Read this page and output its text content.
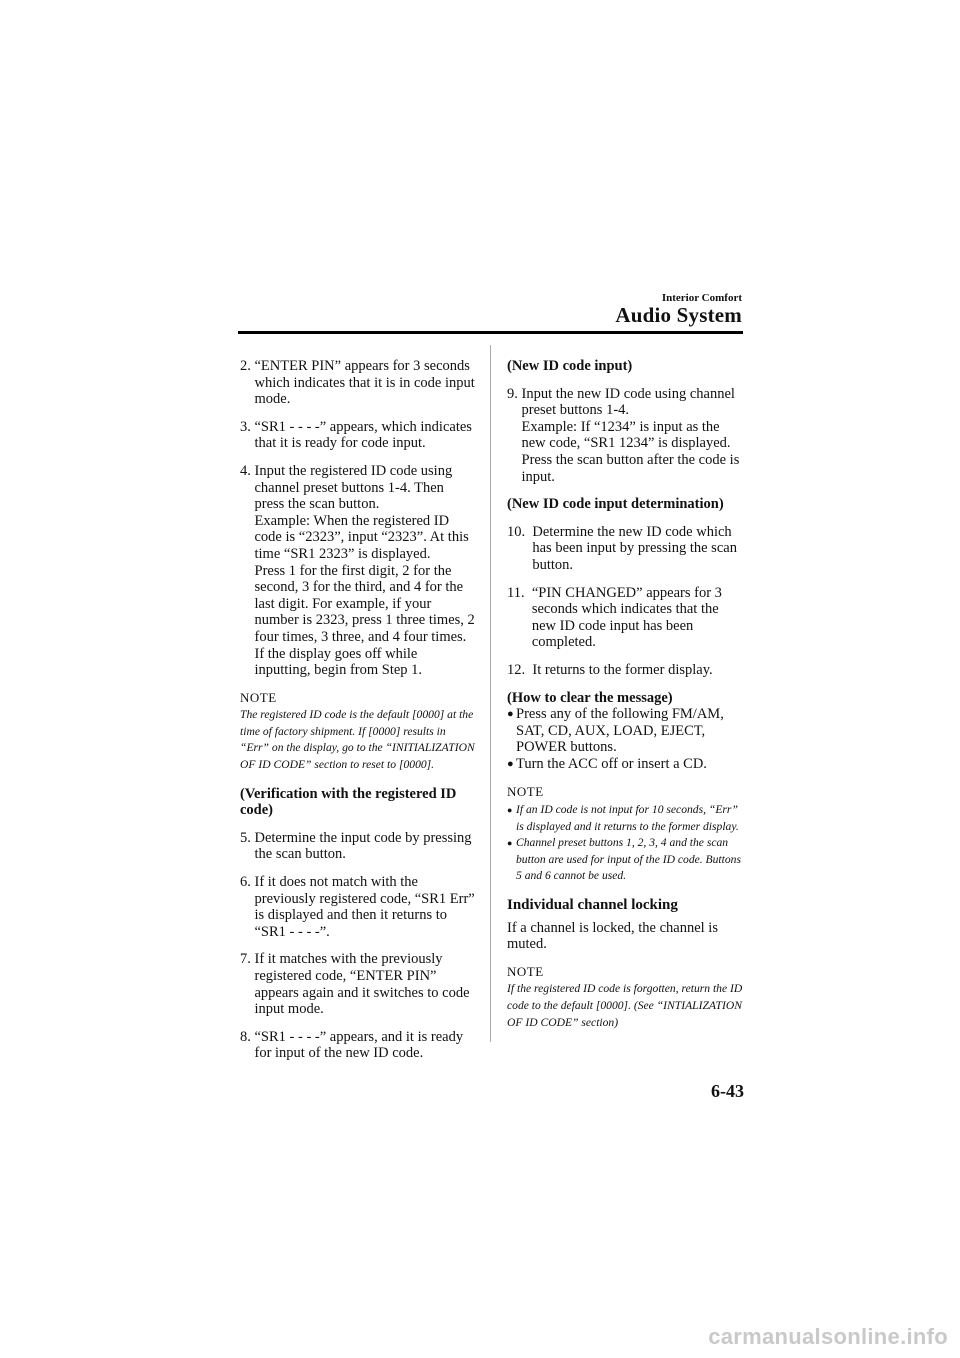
Interior Comfort
Audio System
2.
“ENTER PIN” appears for 3 seconds which indicates that it is in code input mode.
3.
“SR1 - - - -” appears, which indicates that it is ready for code input.
4.
Input the registered ID code using channel preset buttons 1-4. Then press the scan button.
Example: When the registered ID code is “2323”, input “2323”. At this time “SR1 2323” is displayed.
Press 1 for the first digit, 2 for the second, 3 for the third, and 4 for the last digit. For example, if your number is 2323, press 1 three times, 2 four times, 3 three, and 4 four times. If the display goes off while inputting, begin from Step 1.
NOTE
The registered ID code is the default [0000] at the time of factory shipment. If [0000] results in “Err” on the display, go to the “INITIALIZATION OF ID CODE” section to reset to [0000].
(Verification with the registered ID code)
5.
Determine the input code by pressing the scan button.
6.
If it does not match with the previously registered code, “SR1 Err” is displayed and then it returns to “SR1 - - - -”.
7.
If it matches with the previously registered code, “ENTER PIN” appears again and it switches to code input mode.
8.
“SR1 - - - -” appears, and it is ready for input of the new ID code.
(New ID code input)
9.
Input the new ID code using channel preset buttons 1-4.
Example: If “1234” is input as the new code, “SR1 1234” is displayed.
Press the scan button after the code is input.
(New ID code input determination)
10.
Determine the new ID code which has been input by pressing the scan button.
11.
“PIN CHANGED” appears for 3 seconds which indicates that the new ID code input has been completed.
12.
It returns to the former display.
(How to clear the message)
● Press any of the following FM/AM, SAT, CD, AUX, LOAD, EJECT, POWER buttons.
● Turn the ACC off or insert a CD.
NOTE
● If an ID code is not input for 10 seconds, “Err” is displayed and it returns to the former display.
● Channel preset buttons 1, 2, 3, 4 and the scan button are used for input of the ID code. Buttons 5 and 6 cannot be used.
Individual channel locking
If a channel is locked, the channel is muted.
NOTE
If the registered ID code is forgotten, return the ID code to the default [0000]. (See “INTIALIZATION OF ID CODE” section)
6-43
carmanualsonline.info
